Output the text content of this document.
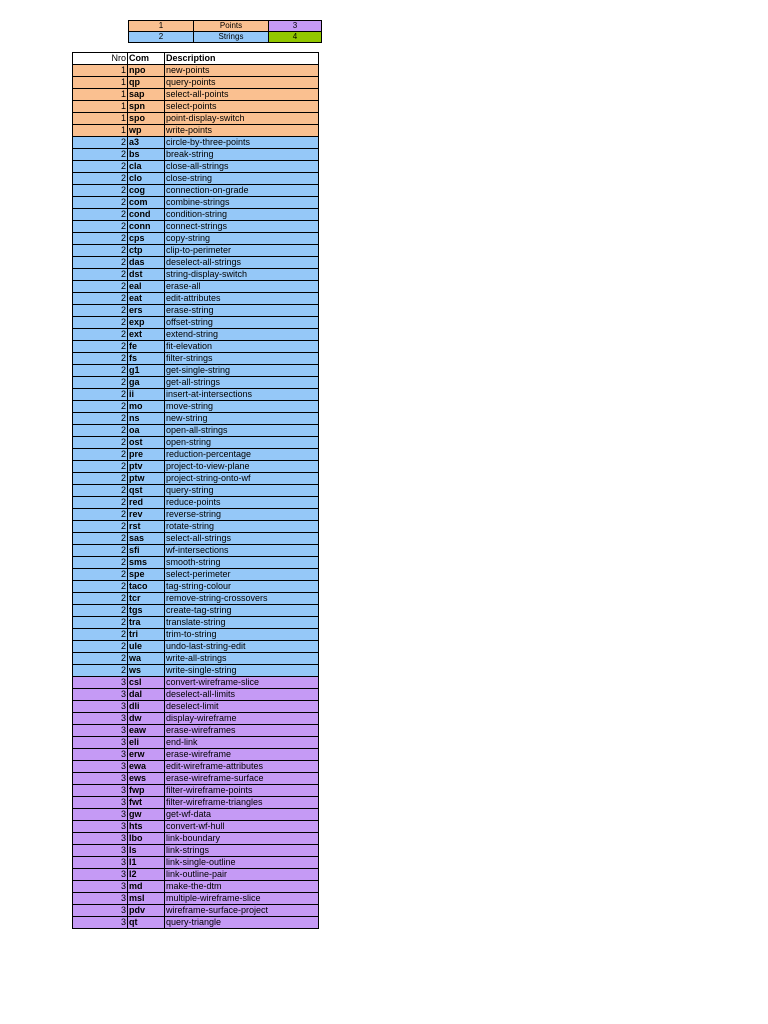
1	Points	3
2	Strings	4
Nro	Com	Description
1	npo	new-points
1	qp	query-points
1	sap	select-all-points
1	spn	select-points
1	spo	point-display-switch
1	wp	write-points
2	a3	circle-by-three-points
2	bs	break-string
2	cla	close-all-strings
2	clo	close-string
2	cog	connection-on-grade
2	com	combine-strings
2	cond	condition-string
2	conn	connect-strings
2	cps	copy-string
2	ctp	clip-to-perimeter
2	das	deselect-all-strings
2	dst	string-display-switch
2	eal	erase-all
2	eat	edit-attributes
2	ers	erase-string
2	exp	offset-string
2	ext	extend-string
2	fe	fit-elevation
2	fs	filter-strings
2	g1	get-single-string
2	ga	get-all-strings
2	ii	insert-at-intersections
2	mo	move-string
2	ns	new-string
2	oa	open-all-strings
2	ost	open-string
2	pre	reduction-percentage
2	ptv	project-to-view-plane
2	ptw	project-string-onto-wf
2	qst	query-string
2	red	reduce-points
2	rev	reverse-string
2	rst	rotate-string
2	sas	select-all-strings
2	sfi	wf-intersections
2	sms	smooth-string
2	spe	select-perimeter
2	taco	tag-string-colour
2	tcr	remove-string-crossovers
2	tgs	create-tag-string
2	tra	translate-string
2	tri	trim-to-string
2	ule	undo-last-string-edit
2	wa	write-all-strings
2	ws	write-single-string
3	csl	convert-wireframe-slice
3	dal	deselect-all-limits
3	dli	deselect-limit
3	dw	display-wireframe
3	eaw	erase-wireframes
3	eli	end-link
3	erw	erase-wireframe
3	ewa	edit-wireframe-attributes
3	ews	erase-wireframe-surface
3	fwp	filter-wireframe-points
3	fwt	filter-wireframe-triangles
3	gw	get-wf-data
3	hts	convert-wf-hull
3	lbo	link-boundary
3	ls	link-strings
3	l1	link-single-outline
3	l2	link-outline-pair
3	md	make-the-dtm
3	msl	multiple-wireframe-slice
3	pdv	wireframe-surface-project
3	qt	query-triangle
